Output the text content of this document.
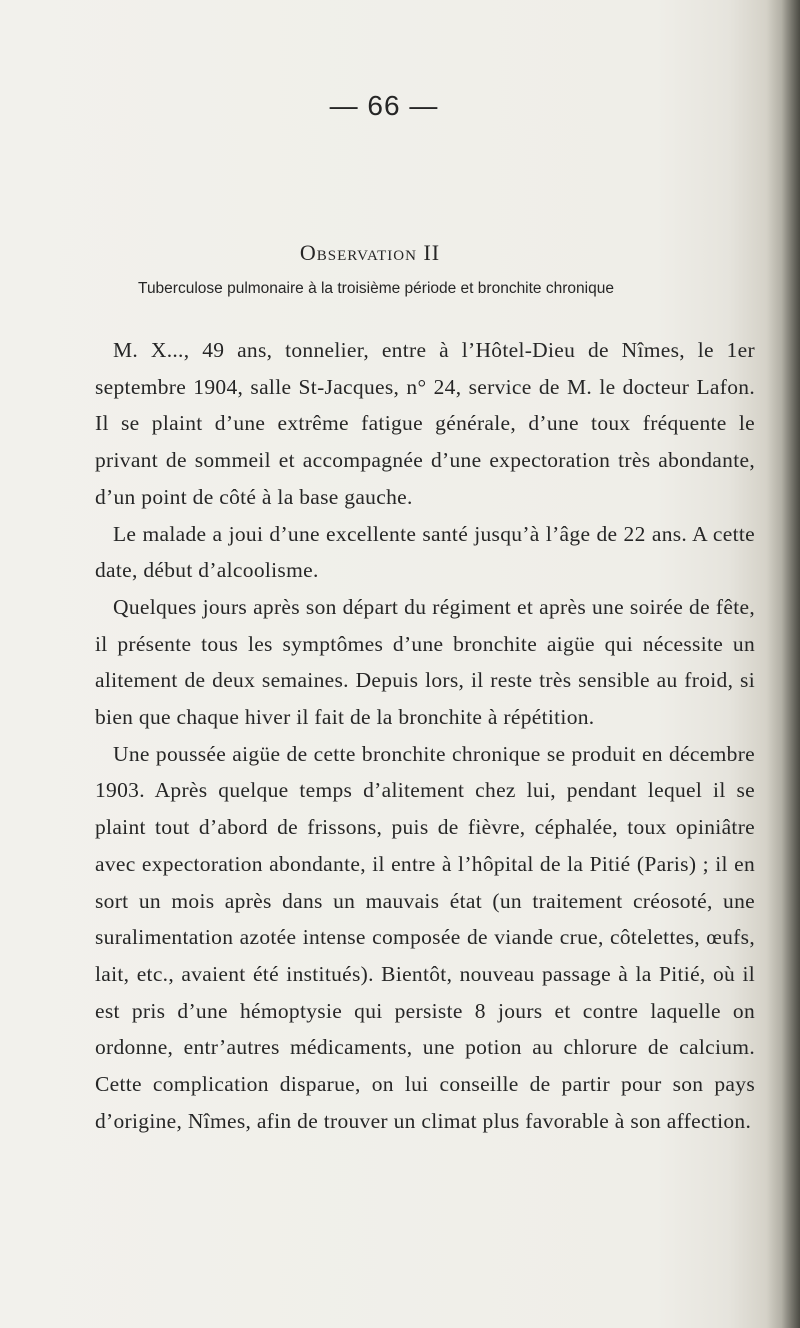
— 66 —
Observation II
Tuberculose pulmonaire à la troisième période et bronchite chronique

M. X..., 49 ans, tonnelier, entre à l’Hôtel-Dieu de Nîmes, le 1er septembre 1904, salle St-Jacques, n° 24, service de M. le docteur Lafon. Il se plaint d’une extrême fatigue générale, d’une toux fréquente le privant de sommeil et accompagnée d’une expectoration très abondante, d’un point de côté à la base gauche.

Le malade a joui d’une excellente santé jusqu’à l’âge de 22 ans. A cette date, début d’alcoolisme.

Quelques jours après son départ du régiment et après une soirée de fête, il présente tous les symptômes d’une bronchite aigüe qui nécessite un alitement de deux semaines. Depuis lors, il reste très sensible au froid, si bien que chaque hiver il fait de la bronchite à répétition.

Une poussée aigüe de cette bronchite chronique se produit en décembre 1903. Après quelque temps d’alitement chez lui, pendant lequel il se plaint tout d’abord de frissons, puis de fièvre, céphalée, toux opiniâtre avec expectoration abondante, il entre à l’hôpital de la Pitié (Paris) ; il en sort un mois après dans un mauvais état (un traitement créosoté, une suralimentation azotée intense composée de viande crue, côtelettes, œufs, lait, etc., avaient été institués). Bientôt, nouveau passage à la Pitié, où il est pris d’une hémoptysie qui persiste 8 jours et contre laquelle on ordonne, entr’autres médicaments, une potion au chlorure de calcium. Cette complication disparue, on lui conseille de partir pour son pays d’origine, Nîmes, afin de trouver un climat plus favorable à son affection.
